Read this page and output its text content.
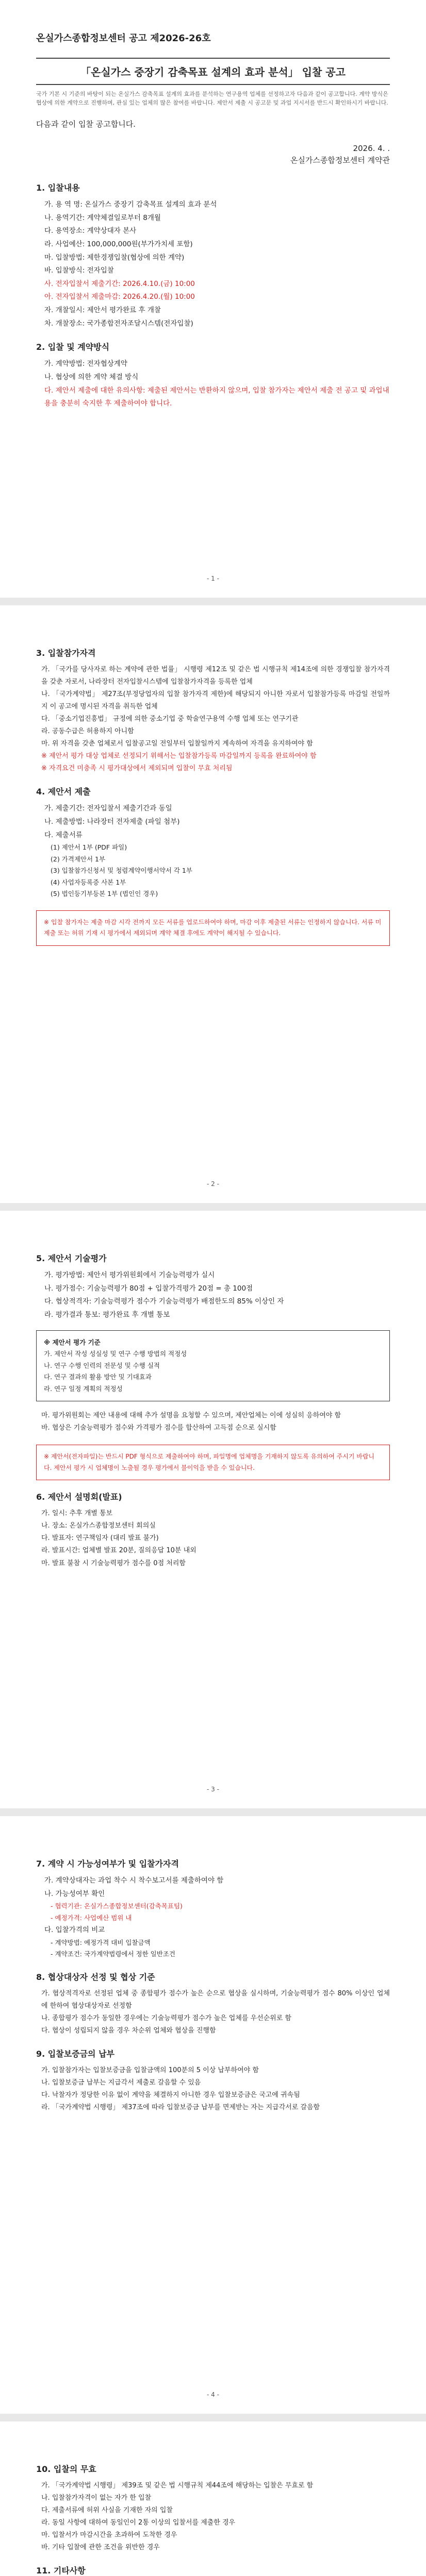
온실가스종합정보센터 공고 제2026-26호
「온실가스 중장기 감축목표 설계의 효과 분석」 입찰 공고
국가 기본 시 기준의 바탕이 되는 온실가스 감축목표 설계의 효과를 분석하는 연구용역 업체를 선정하고자 다음과 같이 공고합니다. 계약 방식은 협상에 의한 계약으로 진행하며, 관심 있는 업체의 많은 참여를 바랍니다. 제안서 제출 시 공고문 및 과업 지시서를 반드시 확인하시기 바랍니다.
다음과 같이 입찰 공고합니다.
2026. 4. .
온실가스종합정보센터 계약관
1. 입찰내용
가. 용 역 명: 온실가스 중장기 감축목표 설계의 효과 분석
나. 용역기간: 계약체결일로부터 8개월
다. 용역장소: 계약상대자 본사
라. 사업예산: 100,000,000원(부가가치세 포함)
마. 입찰방법: 제한경쟁입찰(협상에 의한 계약)
바. 입찰방식: 전자입찰
사. 전자입찰서 제출기간: 2026.4.10.(금) 10:00
아. 전자입찰서 제출마감: 2026.4.20.(월) 10:00
자. 개찰일시: 제안서 평가완료 후 개찰
차. 개찰장소: 국가종합전자조달시스템(전자입찰)
2. 입찰 및 계약방식
가. 계약방법: 전자협상계약
나. 협상에 의한 계약 체결 방식
다. 제안서 제출에 대한 유의사항: 제출된 제안서는 반환하지 않으며, 입찰 참가자는 제안서 제출 전 공고 및 과업내용을 충분히 숙지한 후 제출하여야 합니다.
- 1 -
3. 입찰참가자격
가. 「국가를 당사자로 하는 계약에 관한 법률」 시행령 제12조 및 같은 법 시행규칙 제14조에 의한 경쟁입찰 참가자격을 갖춘 자로서, 나라장터 전자입찰시스템에 입찰참가자격을 등록한 업체
나. 「국가계약법」 제27조(부정당업자의 입찰 참가자격 제한)에 해당되지 아니한 자로서 입찰참가등록 마감일 전일까지 이 공고에 명시된 자격을 취득한 업체
다. 「중소기업진흥법」 규정에 의한 중소기업 중 학술연구용역 수행 업체 또는 연구기관
라. 공동수급은 허용하지 아니함
마. 위 자격을 갖춘 업체로서 입찰공고일 전일부터 입찰일까지 계속하여 자격을 유지하여야 함
※ 제안서 평가 대상 업체로 선정되기 위해서는 입찰참가등록 마감일까지 등록을 완료하여야 함
※ 자격요건 미충족 시 평가대상에서 제외되며 입찰이 무효 처리됨
4. 제안서 제출
가. 제출기간: 전자입찰서 제출기간과 동일
나. 제출방법: 나라장터 전자제출 (파일 첨부)
다. 제출서류
(1) 제안서 1부 (PDF 파일)
(2) 가격제안서 1부
(3) 입찰참가신청서 및 청렴계약이행서약서 각 1부
(4) 사업자등록증 사본 1부
(5) 법인등기부등본 1부 (법인인 경우)
※ 입찰 참가자는 제출 마감 시각 전까지 모든 서류를 업로드하여야 하며, 마감 이후 제출된 서류는 인정하지 않습니다. 서류 미제출 또는 허위 기재 시 평가에서 제외되며 계약 체결 후에도 계약이 해지될 수 있습니다.
- 2 -
5. 제안서 기술평가
가. 평가방법: 제안서 평가위원회에서 기술능력평가 실시
나. 평가점수: 기술능력평가 80점 + 입찰가격평가 20점 = 총 100점
다. 협상적격자: 기술능력평가 점수가 기술능력평가 배점한도의 85% 이상인 자
라. 평가결과 통보: 평가완료 후 개별 통보
※ 제안서 평가 기준
가. 제안서 작성 성실성 및 연구 수행 방법의 적정성
나. 연구 수행 인력의 전문성 및 수행 실적
다. 연구 결과의 활용 방안 및 기대효과
라. 연구 일정 계획의 적정성
마. 평가위원회는 제안 내용에 대해 추가 설명을 요청할 수 있으며, 제안업체는 이에 성실히 응하여야 함
바. 협상은 기술능력평가 점수와 가격평가 점수를 합산하여 고득점 순으로 실시함
※ 제안서(전자파일)는 반드시 PDF 형식으로 제출하여야 하며, 파일명에 업체명을 기재하지 않도록 유의하여 주시기 바랍니다. 제안서 평가 시 업체명이 노출될 경우 평가에서 불이익을 받을 수 있습니다.
6. 제안서 설명회(발표)
가. 일시: 추후 개별 통보
나. 장소: 온실가스종합정보센터 회의실
다. 발표자: 연구책임자 (대리 발표 불가)
라. 발표시간: 업체별 발표 20분, 질의응답 10분 내외
마. 발표 불참 시 기술능력평가 점수를 0점 처리함
- 3 -
7. 계약 시 가능성여부가 및 입찰가자격
가. 계약상대자는 과업 착수 시 착수보고서를 제출하여야 함
나. 가능성여부 확인
- 협력기관: 온실가스종합정보센터(감축목표팀)
- 예정가격: 사업예산 범위 내
다. 입찰가격의 비교
- 계약방법: 예정가격 대비 입찰금액
- 계약조건: 국가계약법령에서 정한 일반조건
8. 협상대상자 선정 및 협상 기준
가. 협상적격자로 선정된 업체 중 종합평가 점수가 높은 순으로 협상을 실시하며, 기술능력평가 점수 80% 이상인 업체에 한하여 협상대상자로 선정함
나. 종합평가 점수가 동일한 경우에는 기술능력평가 점수가 높은 업체를 우선순위로 함
다. 협상이 성립되지 않을 경우 차순위 업체와 협상을 진행함
9. 입찰보증금의 납부
가. 입찰참가자는 입찰보증금을 입찰금액의 100분의 5 이상 납부하여야 함
나. 입찰보증금 납부는 지급각서 제출로 갈음할 수 있음
다. 낙찰자가 정당한 이유 없이 계약을 체결하지 아니한 경우 입찰보증금은 국고에 귀속됨
라. 「국가계약법 시행령」 제37조에 따라 입찰보증금 납부를 면제받는 자는 지급각서로 갈음함
- 4 -
10. 입찰의 무효
가. 「국가계약법 시행령」 제39조 및 같은 법 시행규칙 제44조에 해당하는 입찰은 무효로 함
나. 입찰참가자격이 없는 자가 한 입찰
다. 제출서류에 허위 사실을 기재한 자의 입찰
라. 동일 사항에 대하여 동일인이 2통 이상의 입찰서를 제출한 경우
마. 입찰서가 마감시간을 초과하여 도착한 경우
바. 기타 입찰에 관한 조건을 위반한 경우
11. 기타사항
